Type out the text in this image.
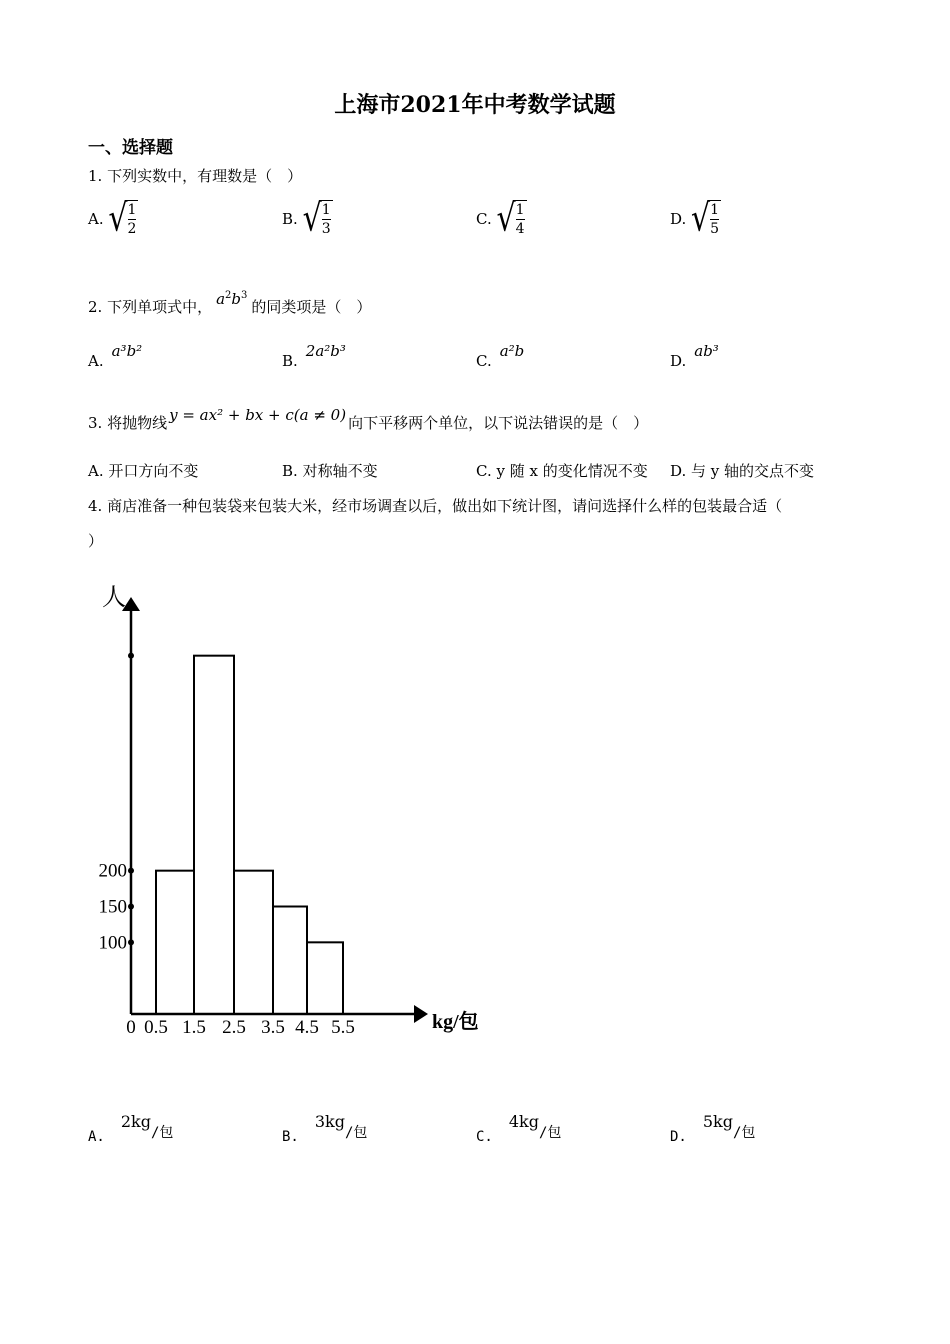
上海市2021年中考数学试题
一、选择题
1. 下列实数中，有理数是（　）
A. √
$\frac{1}{2}$	B. √
$\frac{1}{3}$	C. √
$\frac{1}{4}$	D. √
$\frac{1}{5}$
2. 下列单项式中， $a^2b^3$的同类项是（　）
A.a³b²
B.2a²b³
C.a²b
D.ab³
3. 将抛物线 y = ax² + bx + c(a ≠ 0) 向下平移两个单位，以下说法错误的是（　）
A. 开口方向不变	B. 对称轴不变	C. y 随 x 的变化情况不变 D. 与 y 轴的交点不变
4. 商店准备一种包装袋来包装大米，经市场调查以后，做出如下统计图，请问选择什么样的包装最合适（
）
人
kg/包
100
150
200
0 0.5 1.5 2.5 3.5 4.5 5.5
A.2kg/包	B.3kg/包	C.4kg/包	D.5kg/包
